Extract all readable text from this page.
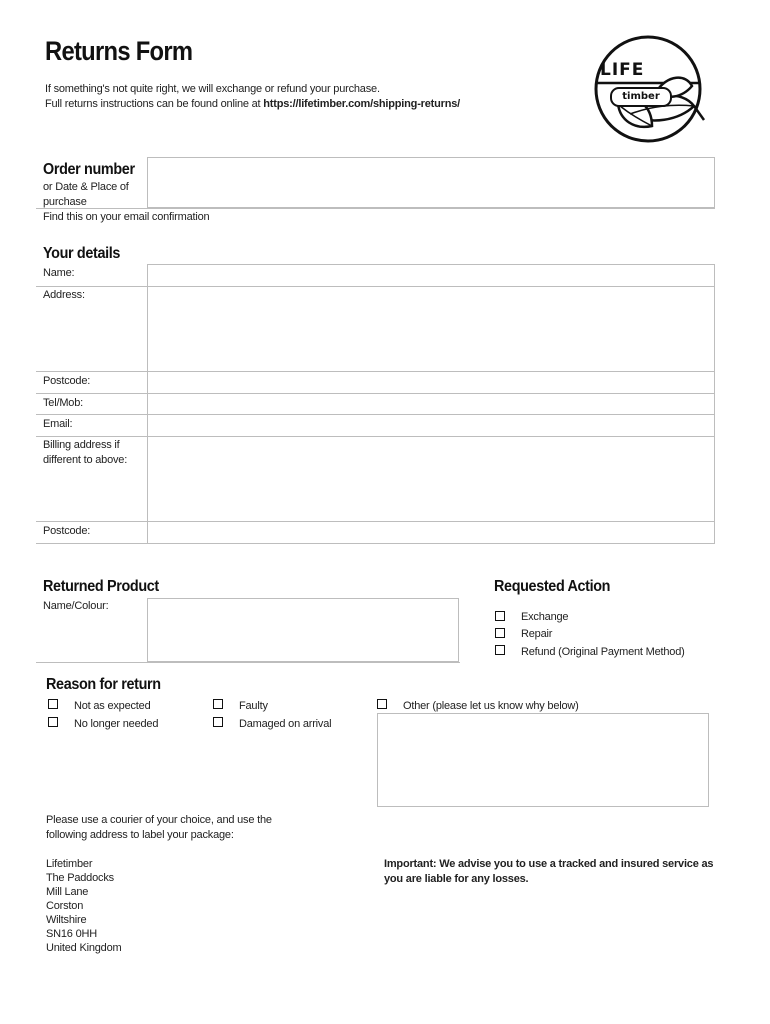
Returns Form
If something's not quite right, we will exchange or refund your purchase.
Full returns instructions can be found online at https://lifetimber.com/shipping-returns/
LIFE
timber
Order number
or Date & Place of
purchase
Find this on your email confirmation
Your details
Name:
Address:
Postcode:
Tel/Mob:
Email:
Billing address if
different to above:
Postcode:
Returned Product
Name/Colour:
Requested Action
Exchange
Repair
Refund (Original Payment Method)
Reason for return
Not as expected
No longer needed
Faulty
Damaged on arrival
Other (please let us know why below)
Please use a courier of your choice, and use the
following address to label your package:
Lifetimber
The Paddocks
Mill Lane
Corston
Wiltshire
SN16 0HH
United Kingdom
Important: We advise you to use a tracked and insured service as
you are liable for any losses.
